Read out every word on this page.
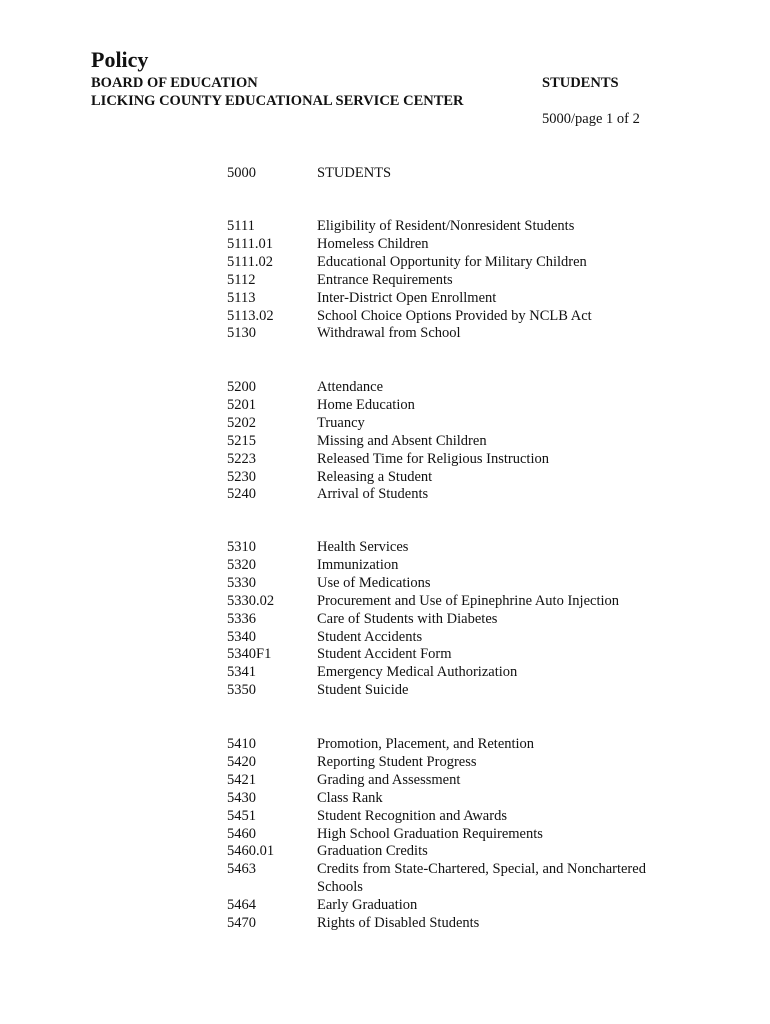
Policy
BOARD OF EDUCATION
LICKING COUNTY EDUCATIONAL SERVICE CENTER
STUDENTS
5000/page 1 of 2
5000	STUDENTS
5111	Eligibility of Resident/Nonresident Students
5111.01	Homeless Children
5111.02	Educational Opportunity for Military Children
5112	Entrance Requirements
5113	Inter-District Open Enrollment
5113.02	School Choice Options Provided by NCLB Act
5130	Withdrawal from School
5200	Attendance
5201	Home Education
5202	Truancy
5215	Missing and Absent Children
5223	Released Time for Religious Instruction
5230	Releasing a Student
5240	Arrival of Students
5310	Health Services
5320	Immunization
5330	Use of Medications
5330.02	Procurement and Use of Epinephrine Auto Injection
5336	Care of Students with Diabetes
5340	Student Accidents
5340F1	Student Accident Form
5341	Emergency Medical Authorization
5350	Student Suicide
5410	Promotion, Placement, and Retention
5420	Reporting Student Progress
5421	Grading and Assessment
5430	Class Rank
5451	Student Recognition and Awards
5460	High School Graduation Requirements
5460.01	Graduation Credits
5463	Credits from State-Chartered, Special, and Nonchartered Schools
5464	Early Graduation
5470	Rights of Disabled Students
